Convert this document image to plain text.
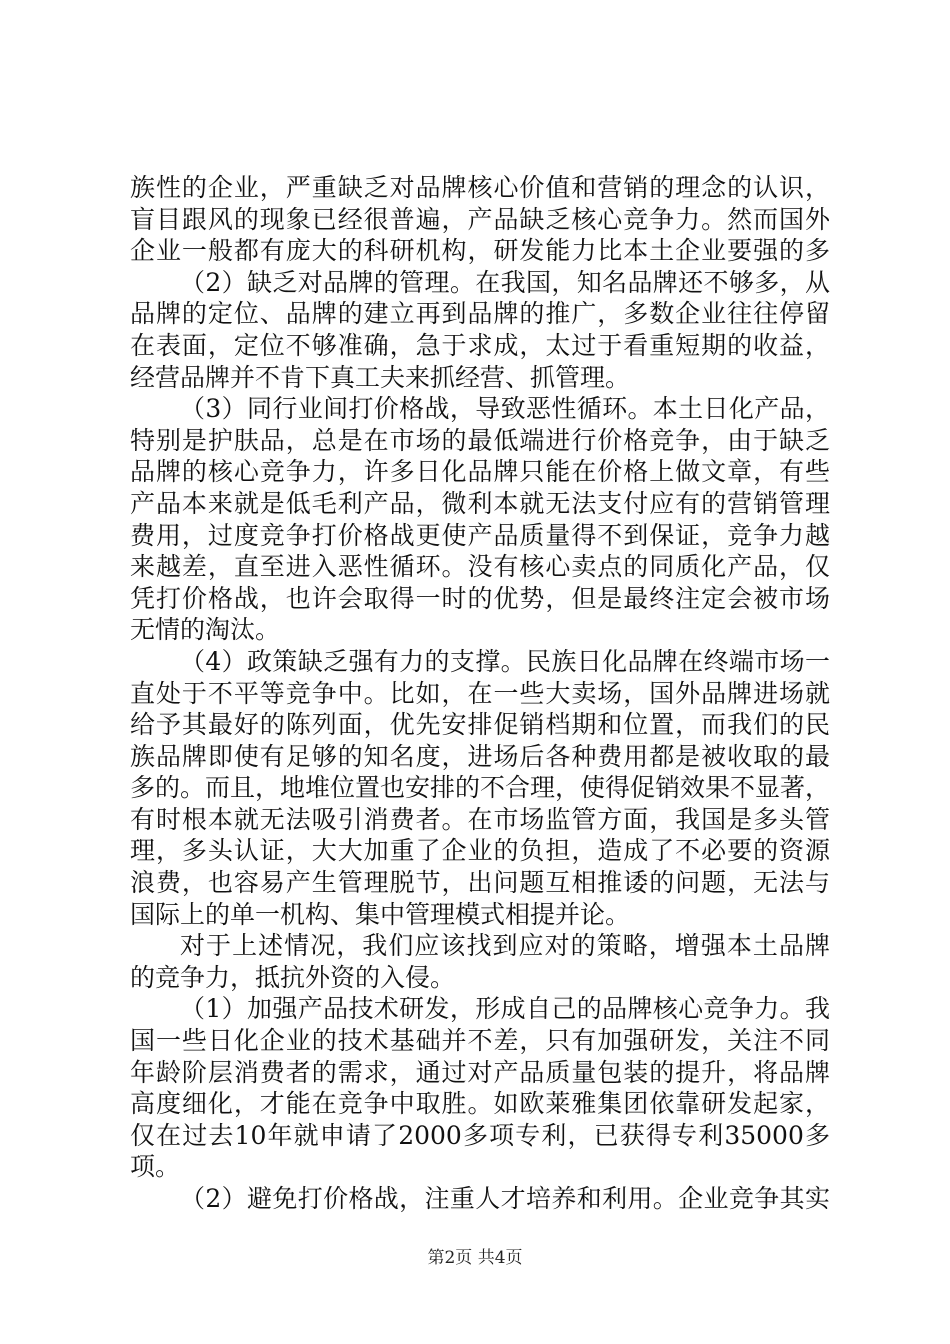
族性的企业，严重缺乏对品牌核心价值和营销的理念的认识，
盲目跟风的现象已经很普遍，产品缺乏核心竞争力。然而国外
企业一般都有庞大的科研机构，研发能力比本土企业要强的多
（2）缺乏对品牌的管理。在我国，知名品牌还不够多，从
品牌的定位、品牌的建立再到品牌的推广，多数企业往往停留
在表面，定位不够准确，急于求成，太过于看重短期的收益，
经营品牌并不肯下真工夫来抓经营、抓管理。
（3）同行业间打价格战，导致恶性循环。本土日化产品，
特别是护肤品，总是在市场的最低端进行价格竞争，由于缺乏
品牌的核心竞争力，许多日化品牌只能在价格上做文章，有些
产品本来就是低毛利产品，微利本就无法支付应有的营销管理
费用，过度竞争打价格战更使产品质量得不到保证，竞争力越
来越差，直至进入恶性循环。没有核心卖点的同质化产品，仅
凭打价格战，也许会取得一时的优势，但是最终注定会被市场
无情的淘汰。
（4）政策缺乏强有力的支撑。民族日化品牌在终端市场一
直处于不平等竞争中。比如，在一些大卖场，国外品牌进场就
给予其最好的陈列面，优先安排促销档期和位置，而我们的民
族品牌即使有足够的知名度，进场后各种费用都是被收取的最
多的。而且，地堆位置也安排的不合理，使得促销效果不显著，
有时根本就无法吸引消费者。在市场监管方面，我国是多头管
理，多头认证，大大加重了企业的负担，造成了不必要的资源
浪费，也容易产生管理脱节，出问题互相推诿的问题，无法与
国际上的单一机构、集中管理模式相提并论。
对于上述情况，我们应该找到应对的策略，增强本土品牌
的竞争力，抵抗外资的入侵。
（1）加强产品技术研发，形成自己的品牌核心竞争力。我
国一些日化企业的技术基础并不差，只有加强研发，关注不同
年龄阶层消费者的需求，通过对产品质量包装的提升，将品牌
高度细化，才能在竞争中取胜。如欧莱雅集团依靠研发起家，
仅在过去10年就申请了2000多项专利，已获得专利35000多
项。
（2）避免打价格战，注重人才培养和利用。企业竞争其实
第2页 共4页
